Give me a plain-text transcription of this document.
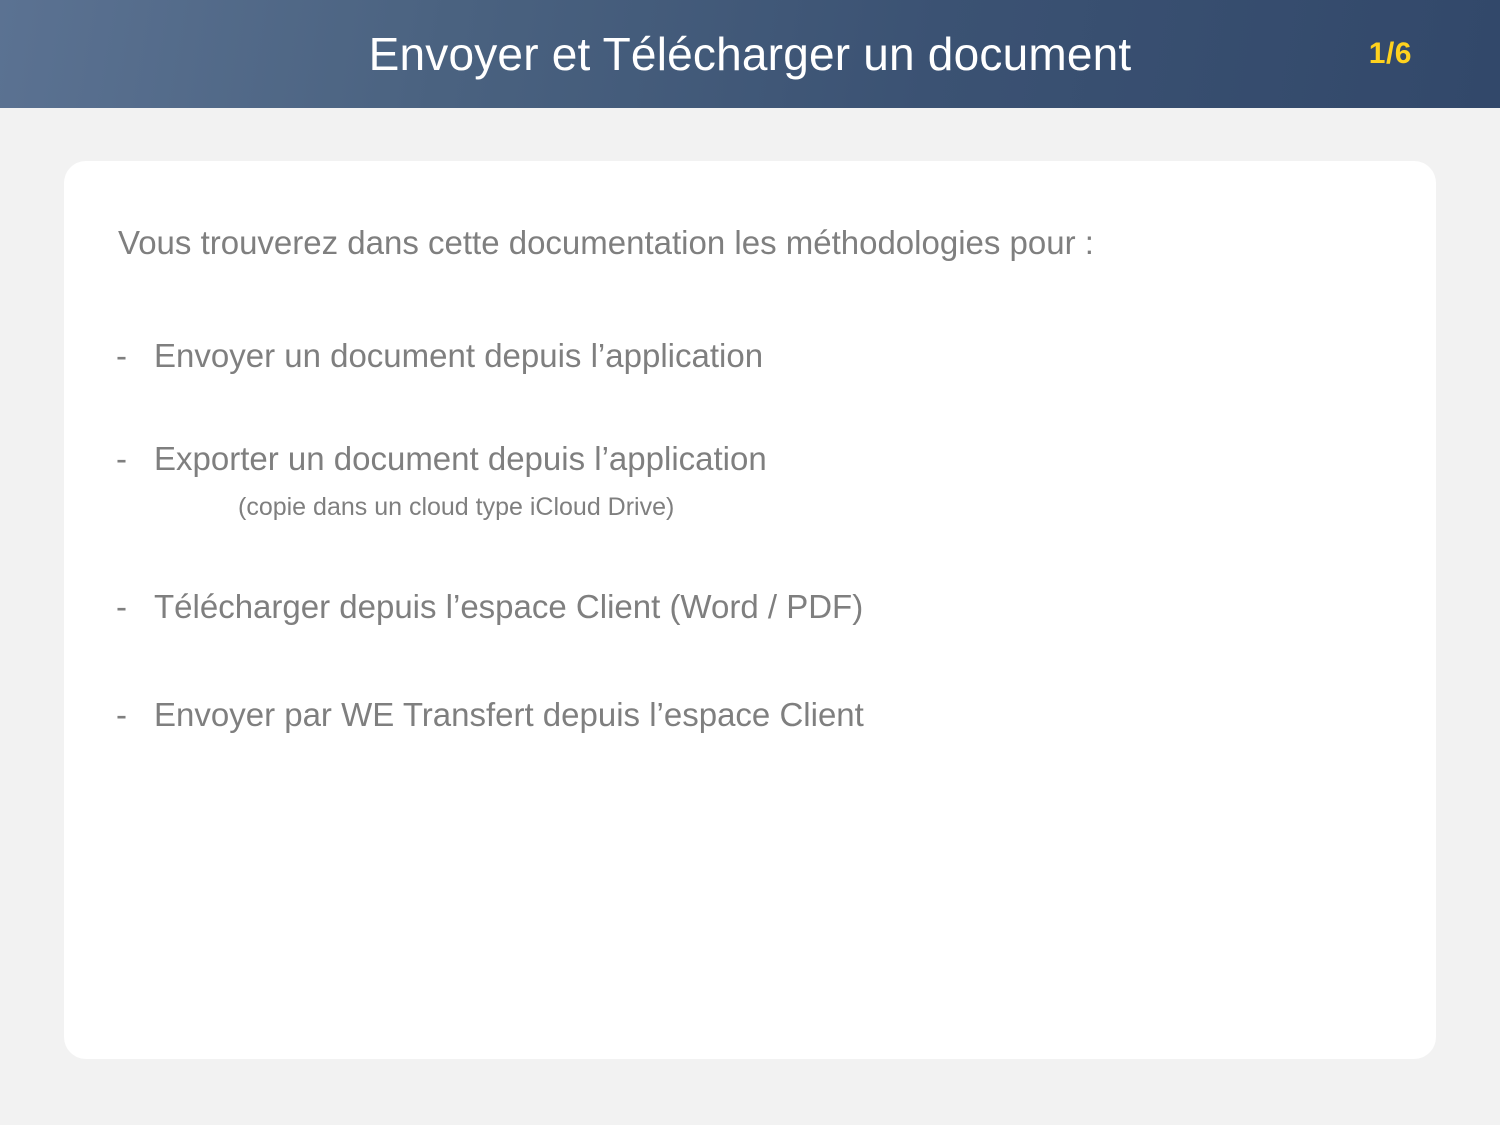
Envoyer et Télécharger un document	1/6

Vous trouverez dans cette documentation les méthodologies pour :

- Envoyer un document depuis l’application
- Exporter un document depuis l’application
(copie dans un cloud type iCloud Drive)
- Télécharger depuis l’espace Client (Word / PDF)
- Envoyer par WE Transfert depuis l’espace Client
